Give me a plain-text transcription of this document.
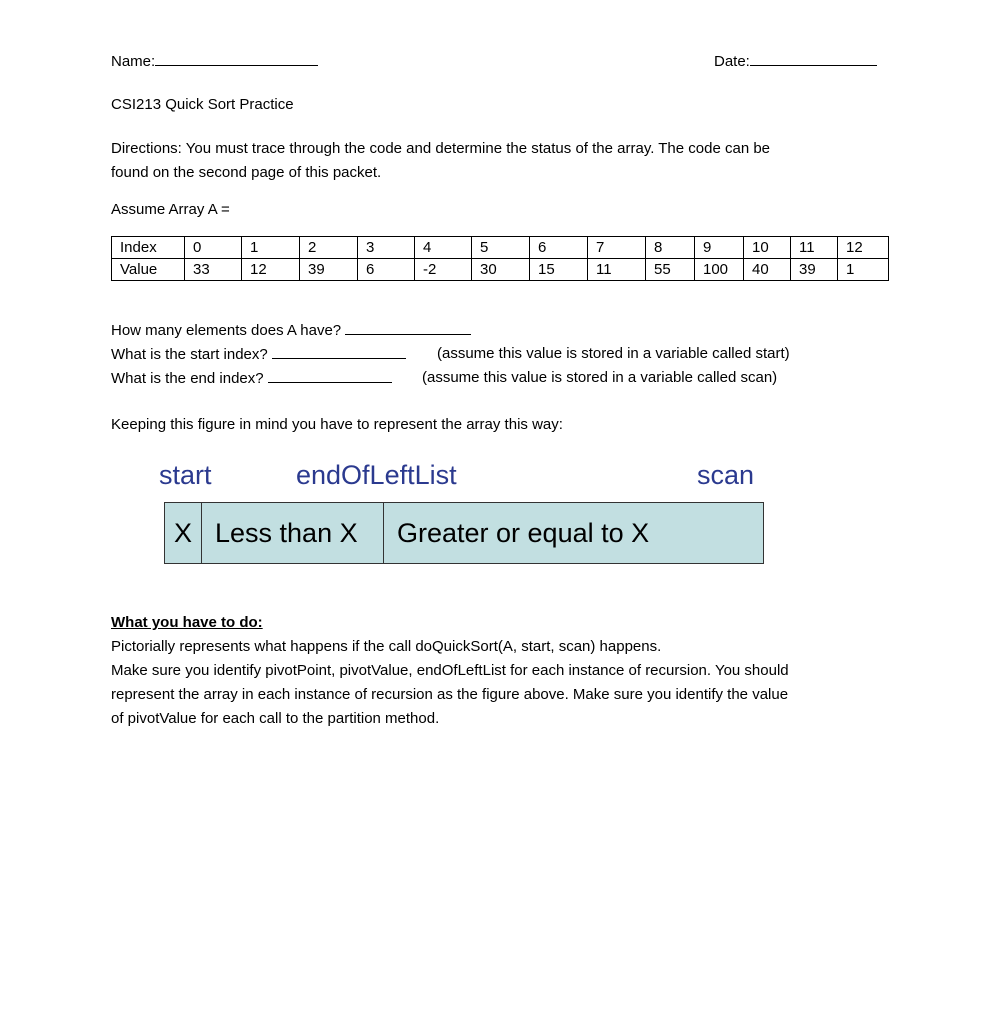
Name:	Date:
CSI213 Quick Sort Practice
Directions: You must trace through the code and determine the status of the array. The code can be
found on the second page of this packet.
Assume Array A =
Index	0	1	2	3	4	5	6	7	8	9	10	11	12
Value	33	12	39	6	-2	30	15	11	55	100	40	39	1
How many elements does A have?
What is the start index?	(assume this value is stored in a variable called start)
What is the end index?	(assume this value is stored in a variable called scan)
Keeping this figure in mind you have to represent the array this way:
start	endOfLeftList	scan
X Less than X	Greater or equal to X
What you have to do:
Pictorially represents what happens if the call doQuickSort(A, start, scan) happens.
Make sure you identify pivotPoint, pivotValue, endOfLeftList for each instance of recursion. You should
represent the array in each instance of recursion as the figure above. Make sure you identify the value
of pivotValue for each call to the partition method.
